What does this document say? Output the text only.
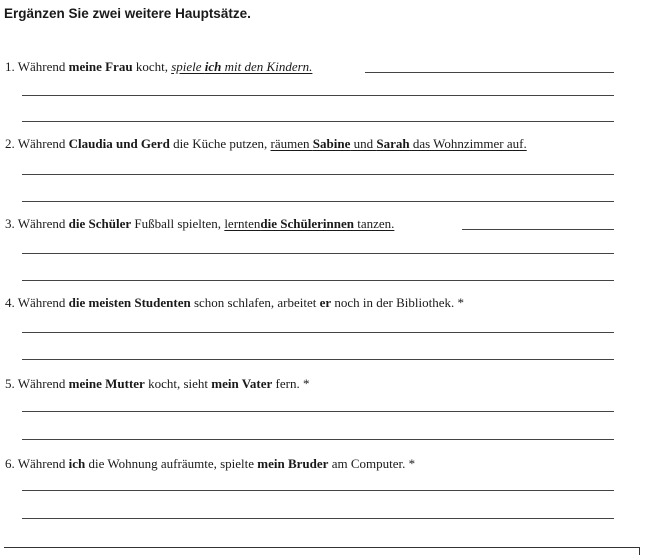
Ergänzen Sie zwei weitere Hauptsätze.
1. Während meine Frau kocht, spiele ich mit den Kindern.
2. Während Claudia und Gerd die Küche putzen, räumen Sabine und Sarah das Wohnzimmer auf.
3. Während die Schüler Fußball spielten, lerntendie Schülerinnen tanzen.
4. Während die meisten Studenten schon schlafen, arbeitet er noch in der Bibliothek. *
5. Während meine Mutter kocht, sieht mein Vater fern. *
6. Während ich die Wohnung aufräumte, spielte mein Bruder am Computer. *
